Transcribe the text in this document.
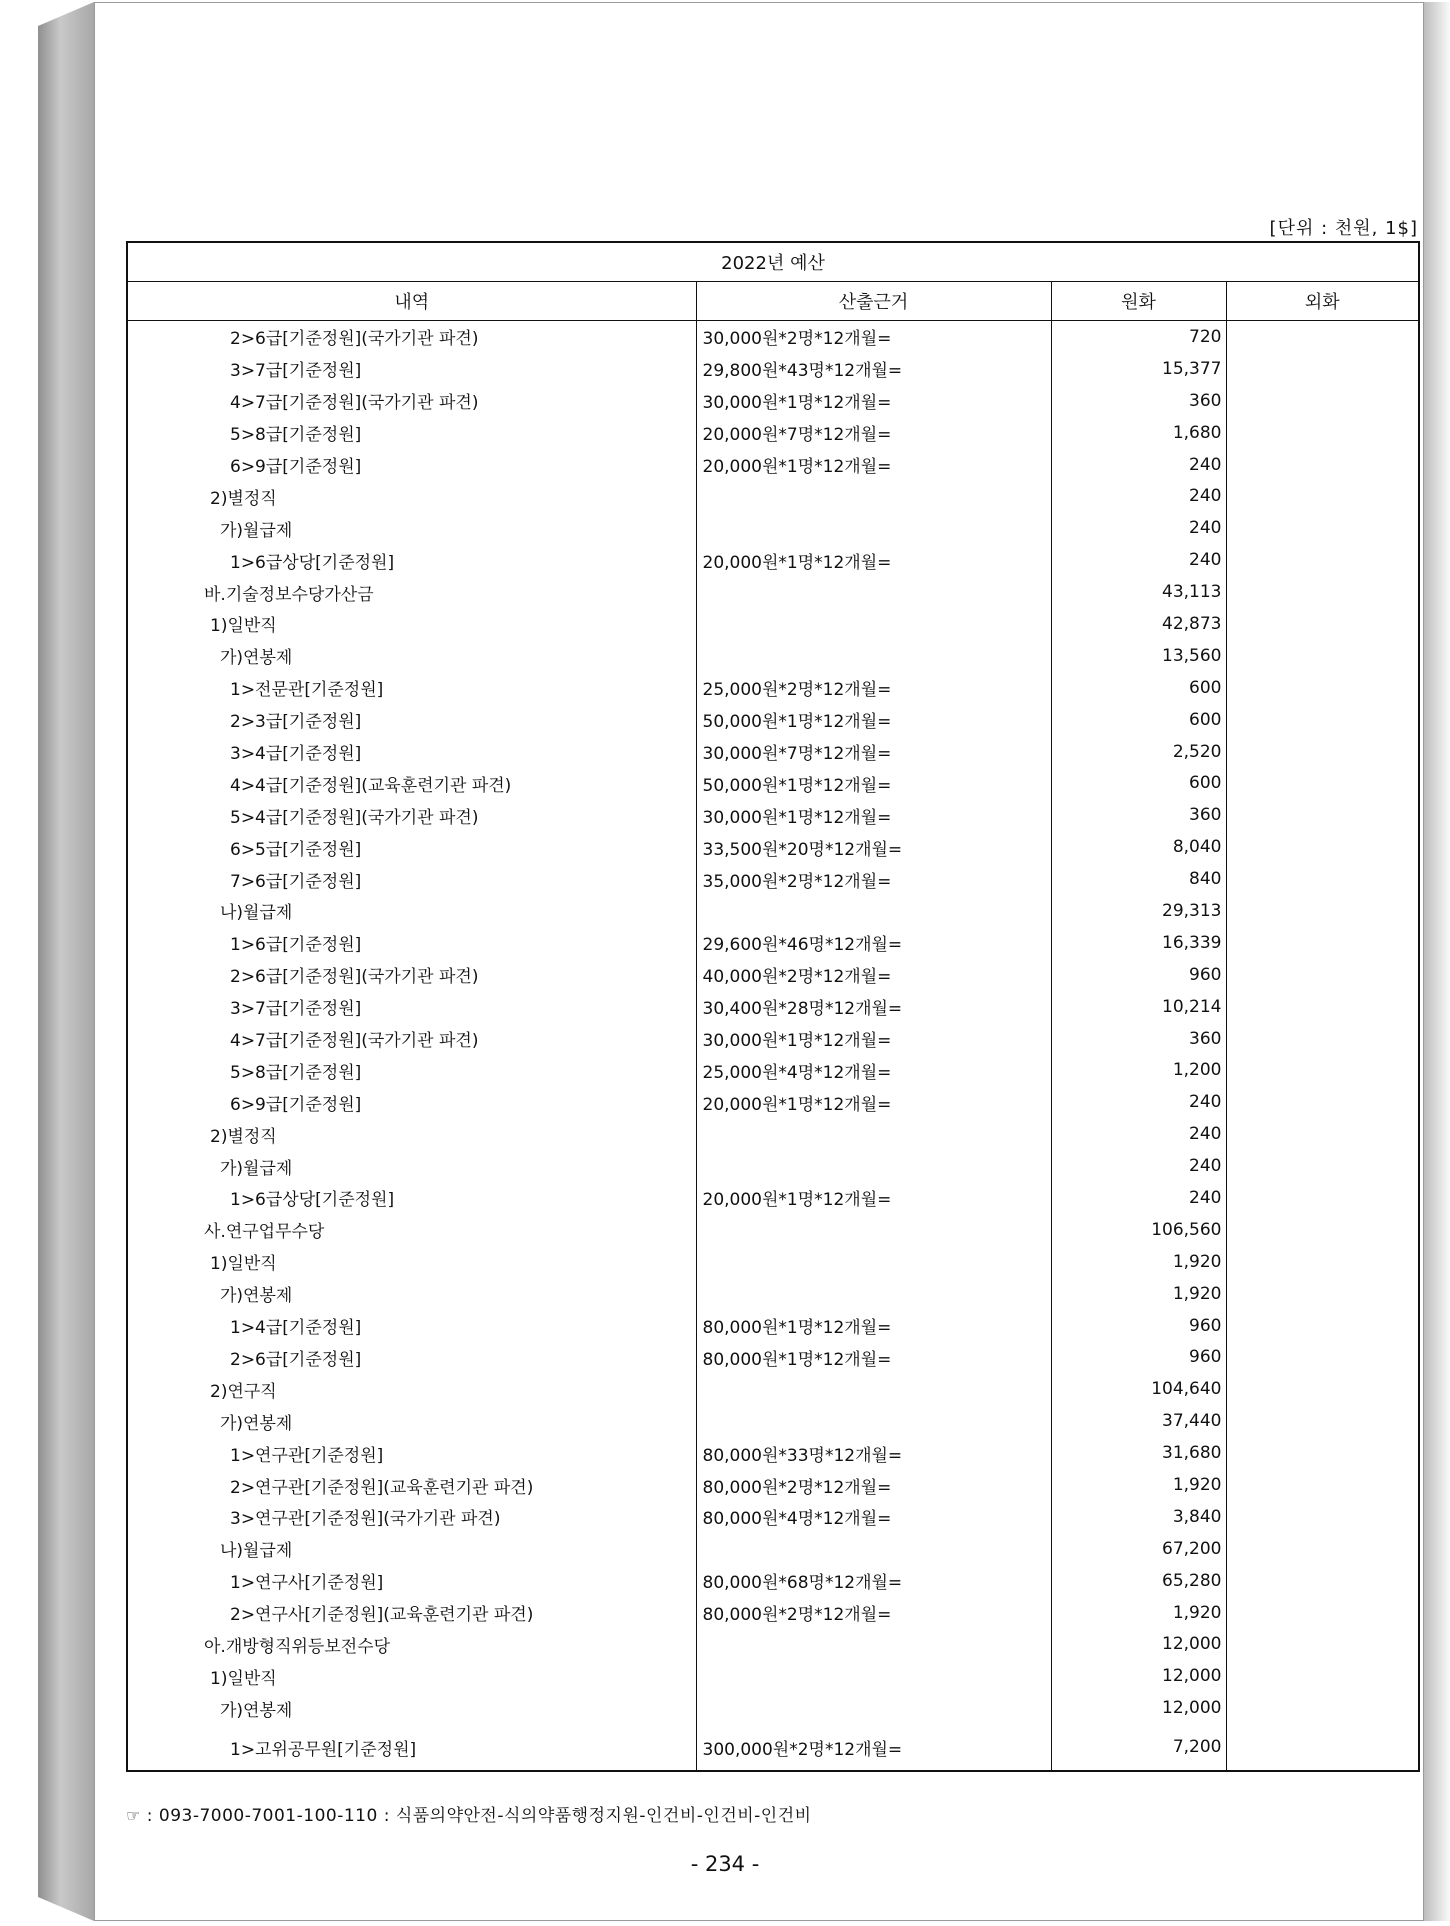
[단위 : 천원, 1$]
2022년 예산			
내역	산출근거	원화	외화
2>6급[기준정원](국가기관 파견)	30,000원*2명*12개월=	720	
3>7급[기준정원]	29,800원*43명*12개월=	15,377	
4>7급[기준정원](국가기관 파견)	30,000원*1명*12개월=	360	
5>8급[기준정원]	20,000원*7명*12개월=	1,680	
6>9급[기준정원]	20,000원*1명*12개월=	240	
2)별정직		240	
가)월급제		240	
1>6급상당[기준정원]	20,000원*1명*12개월=	240	
바.기술정보수당가산금		43,113	
1)일반직		42,873	
가)연봉제		13,560	
1>전문관[기준정원]	25,000원*2명*12개월=	600	
2>3급[기준정원]	50,000원*1명*12개월=	600	
3>4급[기준정원]	30,000원*7명*12개월=	2,520	
4>4급[기준정원](교육훈련기관 파견)	50,000원*1명*12개월=	600	
5>4급[기준정원](국가기관 파견)	30,000원*1명*12개월=	360	
6>5급[기준정원]	33,500원*20명*12개월=	8,040	
7>6급[기준정원]	35,000원*2명*12개월=	840	
나)월급제		29,313	
1>6급[기준정원]	29,600원*46명*12개월=	16,339	
2>6급[기준정원](국가기관 파견)	40,000원*2명*12개월=	960	
3>7급[기준정원]	30,400원*28명*12개월=	10,214	
4>7급[기준정원](국가기관 파견)	30,000원*1명*12개월=	360	
5>8급[기준정원]	25,000원*4명*12개월=	1,200	
6>9급[기준정원]	20,000원*1명*12개월=	240	
2)별정직		240	
가)월급제		240	
1>6급상당[기준정원]	20,000원*1명*12개월=	240	
사.연구업무수당		106,560	
1)일반직		1,920	
가)연봉제		1,920	
1>4급[기준정원]	80,000원*1명*12개월=	960	
2>6급[기준정원]	80,000원*1명*12개월=	960	
2)연구직		104,640	
가)연봉제		37,440	
1>연구관[기준정원]	80,000원*33명*12개월=	31,680	
2>연구관[기준정원](교육훈련기관 파견)	80,000원*2명*12개월=	1,920	
3>연구관[기준정원](국가기관 파견)	80,000원*4명*12개월=	3,840	
나)월급제		67,200	
1>연구사[기준정원]	80,000원*68명*12개월=	65,280	
2>연구사[기준정원](교육훈련기관 파견)	80,000원*2명*12개월=	1,920	
아.개방형직위등보전수당		12,000	
1)일반직		12,000	
가)연봉제		12,000	
1>고위공무원[기준정원]	300,000원*2명*12개월=	7,200	
☞ : 093-7000-7001-100-110 : 식품의약안전-식의약품행정지원-인건비-인건비-인건비
- 234 -
